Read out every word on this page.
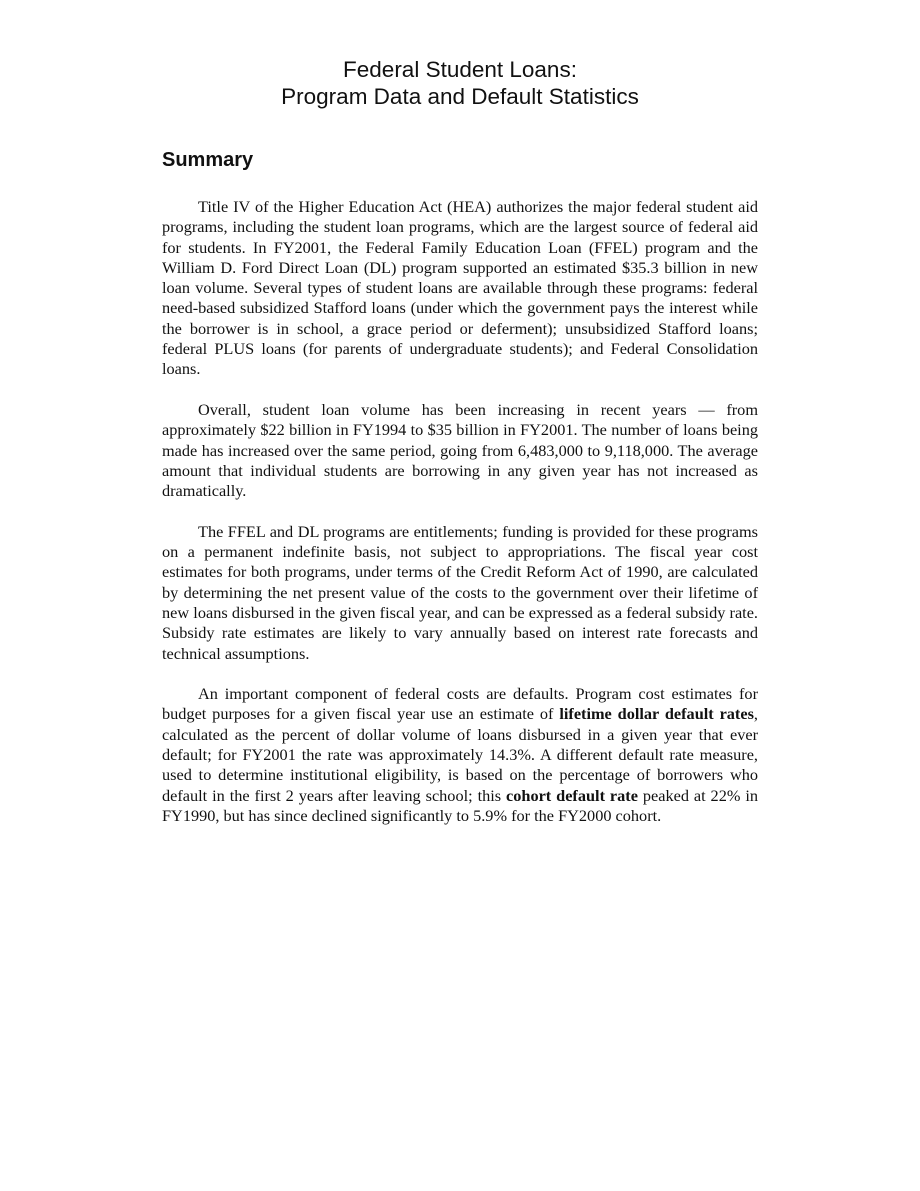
Federal Student Loans:
Program Data and Default Statistics
Summary

Title IV of the Higher Education Act (HEA) authorizes the major federal student aid programs, including the student loan programs, which are the largest source of federal aid for students. In FY2001, the Federal Family Education Loan (FFEL) program and the William D. Ford Direct Loan (DL) program supported an estimated $35.3 billion in new loan volume. Several types of student loans are available through these programs: federal need-based subsidized Stafford loans (under which the government pays the interest while the borrower is in school, a grace period or deferment); unsubsidized Stafford loans; federal PLUS loans (for parents of undergraduate students); and Federal Consolidation loans.

Overall, student loan volume has been increasing in recent years — from approximately $22 billion in FY1994 to $35 billion in FY2001. The number of loans being made has increased over the same period, going from 6,483,000 to 9,118,000. The average amount that individual students are borrowing in any given year has not increased as dramatically.

The FFEL and DL programs are entitlements; funding is provided for these programs on a permanent indefinite basis, not subject to appropriations. The fiscal year cost estimates for both programs, under terms of the Credit Reform Act of 1990, are calculated by determining the net present value of the costs to the government over their lifetime of new loans disbursed in the given fiscal year, and can be expressed as a federal subsidy rate. Subsidy rate estimates are likely to vary annually based on interest rate forecasts and technical assumptions.

An important component of federal costs are defaults. Program cost estimates for budget purposes for a given fiscal year use an estimate of lifetime dollar default rates, calculated as the percent of dollar volume of loans disbursed in a given year that ever default; for FY2001 the rate was approximately 14.3%. A different default rate measure, used to determine institutional eligibility, is based on the percentage of borrowers who default in the first 2 years after leaving school; this cohort default rate peaked at 22% in FY1990, but has since declined significantly to 5.9% for the FY2000 cohort.
